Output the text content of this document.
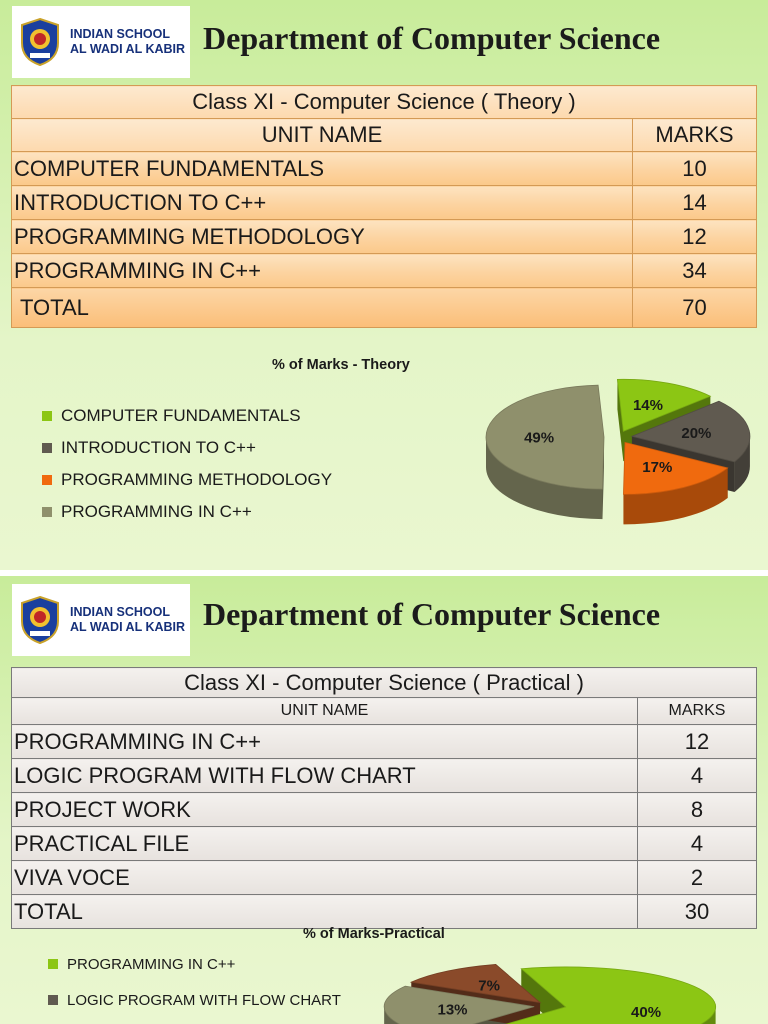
INDIAN SCHOOL
AL WADI AL KABIR Department of Computer Science
Class XI - Computer Science ( Theory )	
UNIT NAME	MARKS
COMPUTER FUNDAMENTALS	10
INTRODUCTION TO C++	14
PROGRAMMING METHODOLOGY	12
PROGRAMMING IN C++	34
TOTAL	70
% of Marks - Theory
COMPUTER FUNDAMENTALS
INTRODUCTION TO C++
PROGRAMMING METHODOLOGY
PROGRAMMING IN C++
14%
20%
17%
49%
INDIAN SCHOOL
AL WADI AL KABIR Department of Computer Science
Class XI - Computer Science ( Practical )	
UNIT NAME	MARKS
PROGRAMMING IN C++	12
LOGIC PROGRAM WITH FLOW CHART	4
PROJECT WORK	8
PRACTICAL FILE	4
VIVA VOCE	2
TOTAL	30
% of Marks-Practical
PROGRAMMING IN C++
LOGIC PROGRAM WITH FLOW CHART
40%
13%
7%
